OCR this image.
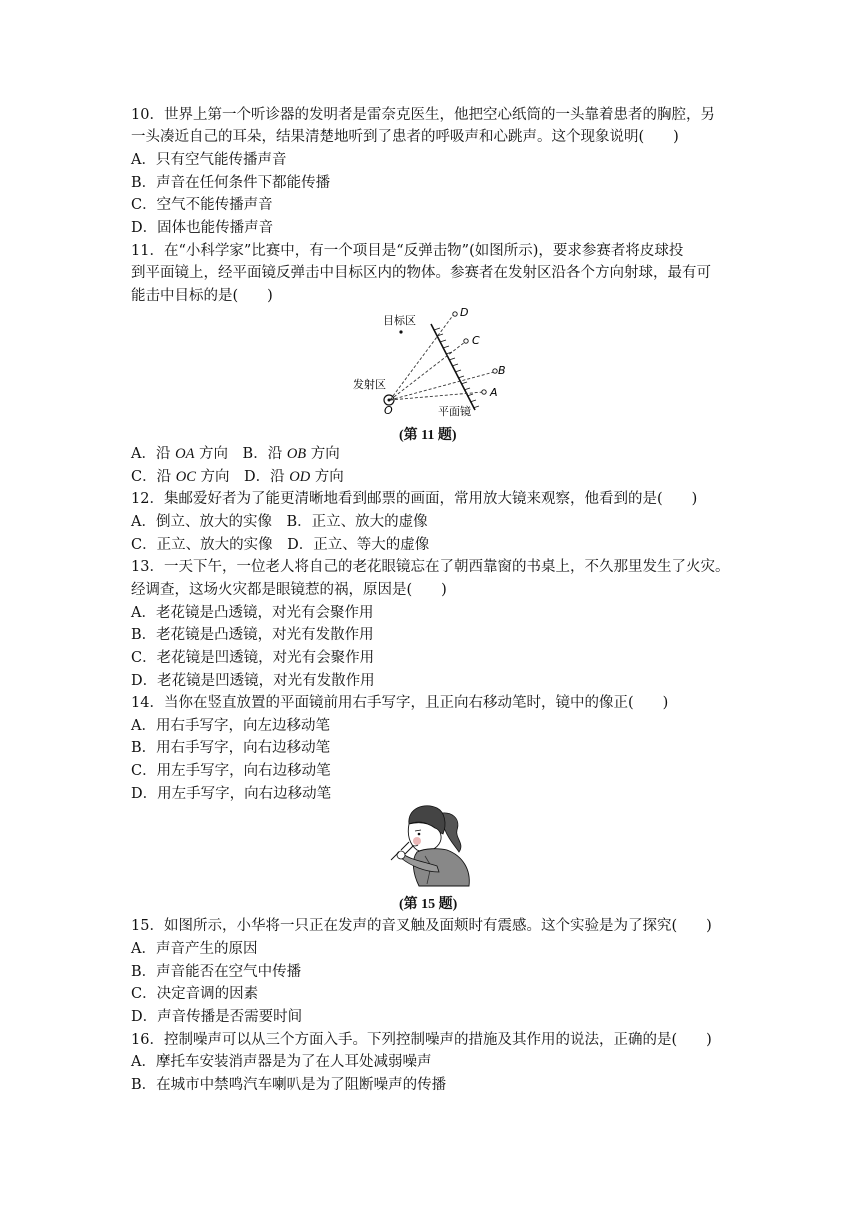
10．世界上第一个听诊器的发明者是雷奈克医生，他把空心纸筒的一头靠着患者的胸腔，另
一头凑近自己的耳朵，结果清楚地听到了患者的呼吸声和心跳声。这个现象说明(　　)
A．只有空气能传播声音
B．声音在任何条件下都能传播
C．空气不能传播声音
D．固体也能传播声音
11．在“小科学家”比赛中，有一个项目是“反弹击物”(如图所示)，要求参赛者将皮球投
到平面镜上，经平面镜反弹击中目标区内的物体。参赛者在发射区沿各个方向射球，最有可
能击中目标的是(　　)
目标区
发射区
平面镜
O
A
B
C
D
(第 11 题)
A．沿 OA 方向　 B．沿 OB 方向
C．沿 OC 方向　 D．沿 OD 方向
12．集邮爱好者为了能更清晰地看到邮票的画面，常用放大镜来观察，他看到的是(　　)
A．倒立、放大的实像　B．正立、放大的虚像
C．正立、放大的实像　D．正立、等大的虚像
13．一天下午，一位老人将自己的老花眼镜忘在了朝西靠窗的书桌上，不久那里发生了火灾。
经调查，这场火灾都是眼镜惹的祸，原因是(　　)
A．老花镜是凸透镜，对光有会聚作用
B．老花镜是凸透镜，对光有发散作用
C．老花镜是凹透镜，对光有会聚作用
D．老花镜是凹透镜，对光有发散作用
14．当你在竖直放置的平面镜前用右手写字，且正向右移动笔时，镜中的像正(　　)
A．用右手写字，向左边移动笔
B．用右手写字，向右边移动笔
C．用左手写字，向右边移动笔
D．用左手写字，向右边移动笔
(第 15 题)
15．如图所示，小华将一只正在发声的音叉触及面颊时有震感。这个实验是为了探究(　　)
A．声音产生的原因
B．声音能否在空气中传播
C．决定音调的因素
D．声音传播是否需要时间
16．控制噪声可以从三个方面入手。下列控制噪声的措施及其作用的说法，正确的是(　　)
A．摩托车安装消声器是为了在人耳处减弱噪声
B．在城市中禁鸣汽车喇叭是为了阻断噪声的传播
